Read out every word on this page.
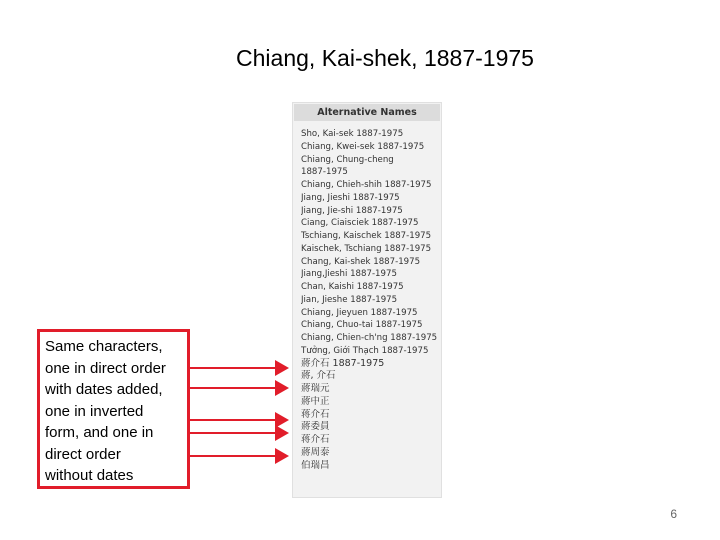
Chiang, Kai-shek, 1887-1975
Alternative Names
Sho, Kai-sek 1887-1975
Chiang, Kwei-sek 1887-1975
Chiang, Chung-cheng
1887-1975
Chiang, Chieh-shih 1887-1975
Jiang, Jieshi 1887-1975
Jiang, Jie-shi 1887-1975
Ciang, Ciaisciek 1887-1975
Tschiang, Kaischek 1887-1975
Kaischek, Tschiang 1887-1975
Chang, Kai-shek 1887-1975
Jiang,Jieshi 1887-1975
Chan, Kaishi 1887-1975
Jian, Jieshe 1887-1975
Chiang, Jieyuen 1887-1975
Chiang, Chuo-tai 1887-1975
Chiang, Chien-ch'ng 1887-1975
Tưởng, Giới Thạch 1887-1975
蔣介石 1887-1975
蔣, 介石
蔣瑞元
蔣中正
蒋介石
蔣委員
蒋介石
蔣周泰
伯瑞昌
Same characters,
one in direct order
with dates added,
one in inverted
form, and one in
direct order
without dates
6
